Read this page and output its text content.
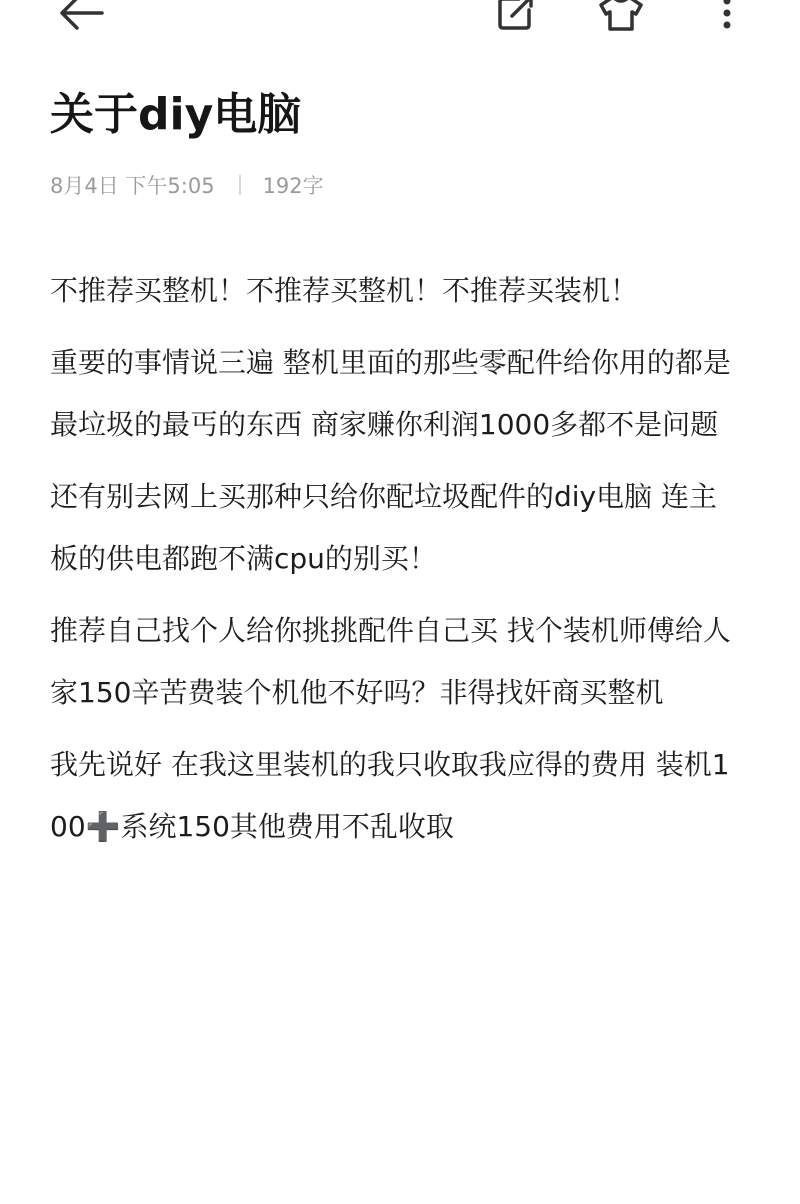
关于diy电脑
8月4日 下午5:05 192字

不推荐买整机！不推荐买整机！不推荐买装机！

重要的事情说三遍 整机里面的那些零配件给你用的都是最垃圾的最丐的东西 商家赚你利润1000多都不是问题

还有别去网上买那种只给你配垃圾配件的diy电脑 连主板的供电都跑不满cpu的别买！

推荐自己找个人给你挑挑配件自己买 找个装机师傅给人家150辛苦费装个机他不好吗？非得找奸商买整机

我先说好 在我这里装机的我只收取我应得的费用 装机100➕系统150其他费用不乱收取
